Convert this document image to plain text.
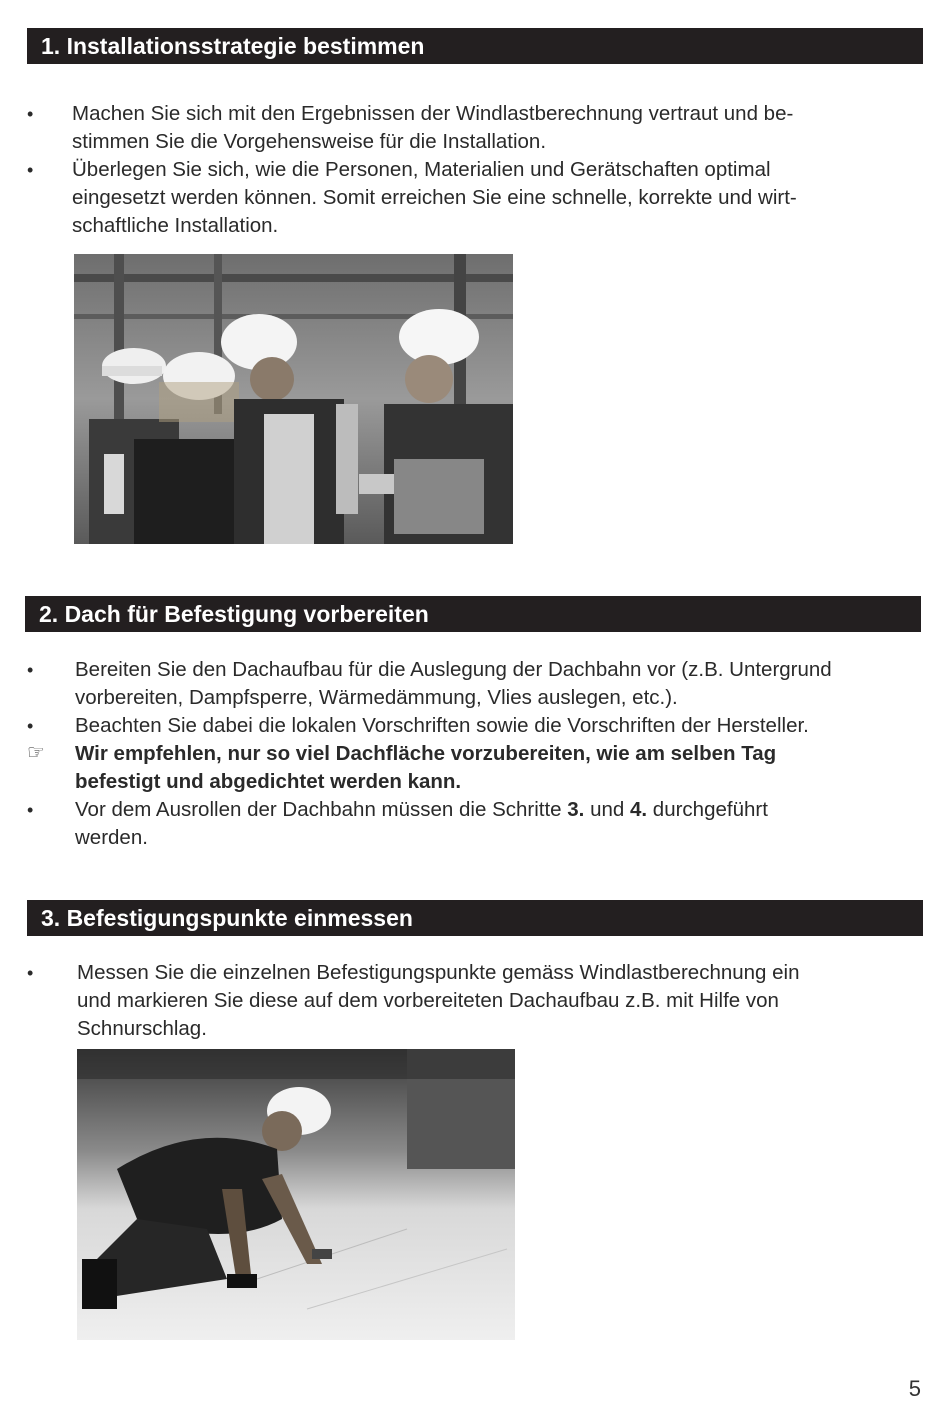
1. Installationsstrategie bestimmen
• Machen Sie sich mit den Ergebnissen der Windlastberechnung vertraut und be-
stimmen Sie die Vorgehensweise für die Installation.
• Überlegen Sie sich, wie die Personen, Materialien und Gerätschaften optimal
eingesetzt werden können. Somit erreichen Sie eine schnelle, korrekte und wirt-
schaftliche Installation.
2. Dach für Befestigung vorbereiten
• Bereiten Sie den Dachaufbau für die Auslegung der Dachbahn vor (z.B. Untergrund
vorbereiten, Dampfsperre, Wärmedämmung, Vlies auslegen, etc.).
• Beachten Sie dabei die lokalen Vorschriften sowie die Vorschriften der Hersteller.
☞ Wir empfehlen, nur so viel Dachfläche vorzubereiten, wie am selben Tag
befestigt und abgedichtet werden kann.
• Vor dem Ausrollen der Dachbahn müssen die Schritte 3. und 4. durchgeführt
werden.
3. Befestigungspunkte einmessen
• Messen Sie die einzelnen Befestigungspunkte gemäss Windlastberechnung ein
und markieren Sie diese auf dem vorbereiteten Dachaufbau z.B. mit Hilfe von
Schnurschlag.
5
